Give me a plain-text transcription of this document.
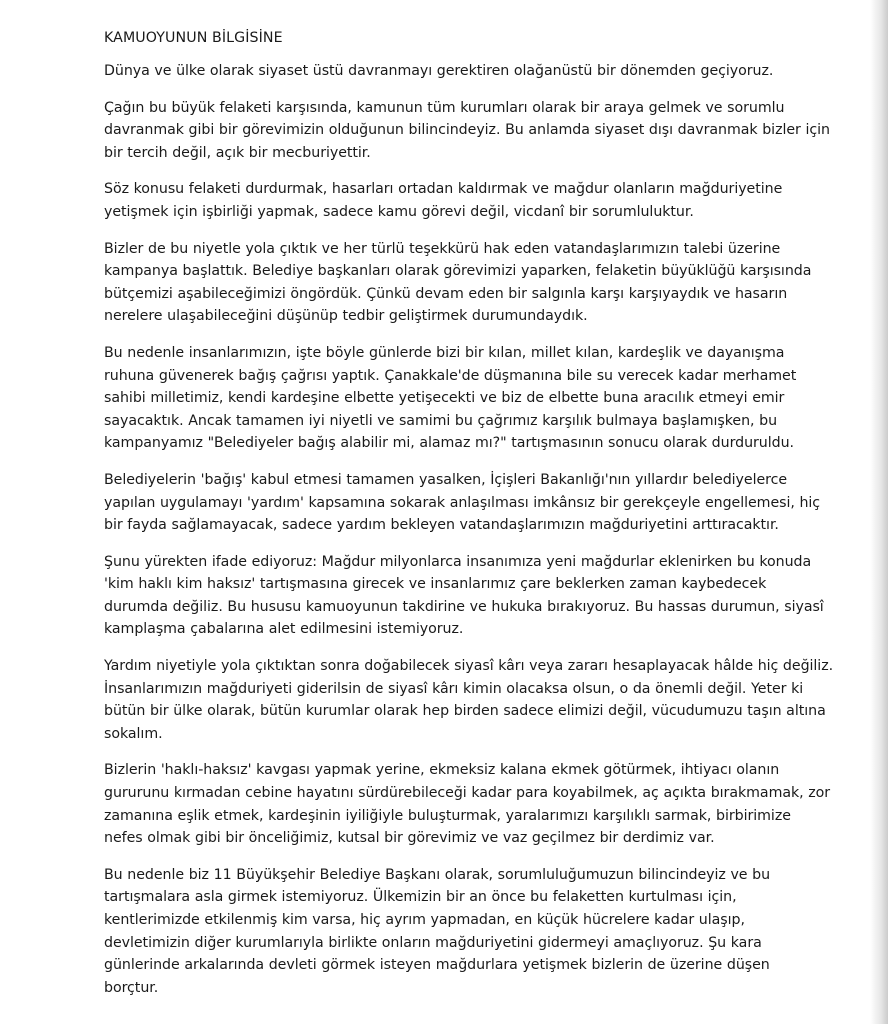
KAMUOYUNUN BİLGİSİNE
Dünya ve ülke olarak siyaset üstü davranmayı gerektiren olağanüstü bir dönemden geçiyoruz.
Çağın bu büyük felaketi karşısında, kamunun tüm kurumları olarak bir araya gelmek ve sorumlu
davranmak gibi bir görevimizin olduğunun bilincindeyiz. Bu anlamda siyaset dışı davranmak bizler için
bir tercih değil, açık bir mecburiyettir.
Söz konusu felaketi durdurmak, hasarları ortadan kaldırmak ve mağdur olanların mağduriyetine
yetişmek için işbirliği yapmak, sadece kamu görevi değil, vicdanî bir sorumluluktur.
Bizler de bu niyetle yola çıktık ve her türlü teşekkürü hak eden vatandaşlarımızın talebi üzerine
kampanya başlattık. Belediye başkanları olarak görevimizi yaparken, felaketin büyüklüğü karşısında
bütçemizi aşabileceğimizi öngördük. Çünkü devam eden bir salgınla karşı karşıyaydık ve hasarın
nerelere ulaşabileceğini düşünüp tedbir geliştirmek durumundaydık.
Bu nedenle insanlarımızın, işte böyle günlerde bizi bir kılan, millet kılan, kardeşlik ve dayanışma
ruhuna güvenerek bağış çağrısı yaptık. Çanakkale'de düşmanına bile su verecek kadar merhamet
sahibi milletimiz, kendi kardeşine elbette yetişecekti ve biz de elbette buna aracılık etmeyi emir
sayacaktık. Ancak tamamen iyi niyetli ve samimi bu çağrımız karşılık bulmaya başlamışken, bu
kampanyamız "Belediyeler bağış alabilir mi, alamaz mı?" tartışmasının sonucu olarak durduruldu.
Belediyelerin 'bağış' kabul etmesi tamamen yasalken, İçişleri Bakanlığı'nın yıllardır belediyelerce
yapılan uygulamayı 'yardım' kapsamına sokarak anlaşılması imkânsız bir gerekçeyle engellemesi, hiç
bir fayda sağlamayacak, sadece yardım bekleyen vatandaşlarımızın mağduriyetini arttıracaktır.
Şunu yürekten ifade ediyoruz: Mağdur milyonlarca insanımıza yeni mağdurlar eklenirken bu konuda
'kim haklı kim haksız' tartışmasına girecek ve insanlarımız çare beklerken zaman kaybedecek
durumda değiliz. Bu hususu kamuoyunun takdirine ve hukuka bırakıyoruz. Bu hassas durumun, siyasî
kamplaşma çabalarına alet edilmesini istemiyoruz.
Yardım niyetiyle yola çıktıktan sonra doğabilecek siyasî kârı veya zararı hesaplayacak hâlde hiç değiliz.
İnsanlarımızın mağduriyeti giderilsin de siyasî kârı kimin olacaksa olsun, o da önemli değil. Yeter ki
bütün bir ülke olarak, bütün kurumlar olarak hep birden sadece elimizi değil, vücudumuzu taşın altına
sokalım.
Bizlerin 'haklı-haksız' kavgası yapmak yerine, ekmeksiz kalana ekmek götürmek, ihtiyacı olanın
gururunu kırmadan cebine hayatını sürdürebileceği kadar para koyabilmek, aç açıkta bırakmamak, zor
zamanına eşlik etmek, kardeşinin iyiliğiyle buluşturmak, yaralarımızı karşılıklı sarmak, birbirimize
nefes olmak gibi bir önceliğimiz, kutsal bir görevimiz ve vaz geçilmez bir derdimiz var.
Bu nedenle biz 11 Büyükşehir Belediye Başkanı olarak, sorumluluğumuzun bilincindeyiz ve bu
tartışmalara asla girmek istemiyoruz. Ülkemizin bir an önce bu felaketten kurtulması için,
kentlerimizde etkilenmiş kim varsa, hiç ayrım yapmadan, en küçük hücrelere kadar ulaşıp,
devletimizin diğer kurumlarıyla birlikte onların mağduriyetini gidermeyi amaçlıyoruz. Şu kara
günlerinde arkalarında devleti görmek isteyen mağdurlara yetişmek bizlerin de üzerine düşen
borçtur.
